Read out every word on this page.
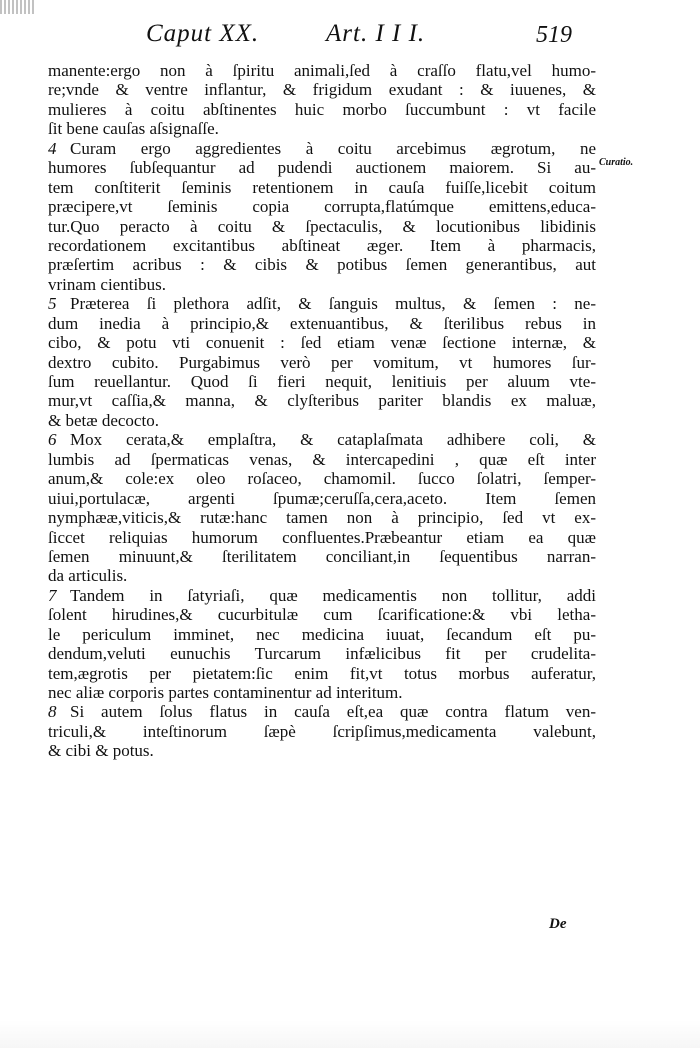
Caput XX.	Art. I I I.	519
Curatio.
manente:ergo non à ſpiritu animali,ſed à craſſo flatu,vel humo-
re;vnde & ventre inflantur, & frigidum exudant : & iuuenes, &
mulieres à coitu abſtinentes huic morbo ſuccumbunt : vt facile
ſit bene cauſas aſsignaſſe.
4 Curam ergo aggredientes à coitu arcebimus ægrotum, ne
humores ſubſequantur ad pudendi auctionem maiorem. Si au-
tem conſtiterit ſeminis retentionem in cauſa fuiſſe,licebit coitum
præcipere,vt ſeminis copia corrupta,flatúmque emittens,educa-
tur.Quo peracto à coitu & ſpectaculis, & locutionibus libidinis
recordationem excitantibus abſtineat æger. Item à pharmacis,
præſertim acribus : & cibis & potibus ſemen generantibus, aut
vrinam cientibus.
5 Præterea ſi plethora adſit, & ſanguis multus, & ſemen : ne-
dum inedia à principio,& extenuantibus, & ſterilibus rebus in
cibo, & potu vti conuenit : ſed etiam venæ ſectione internæ, &
dextro cubito. Purgabimus verò per vomitum, vt humores ſur-
ſum reuellantur. Quod ſi fieri nequit, lenitiuis per aluum vte-
mur,vt caſſia,& manna, & clyſteribus pariter blandis ex maluæ,
& betæ decocto.
6 Mox cerata,& emplaſtra, & cataplaſmata adhibere coli, &
lumbis ad ſpermaticas venas, & intercapedini , quæ eſt inter
anum,& cole:ex oleo roſaceo, chamomil. ſucco ſolatri, ſemper-
uiui,portulacæ, argenti ſpumæ;ceruſſa,cera,aceto. Item ſemen
nymphææ,viticis,& rutæ:hanc tamen non à principio, ſed vt ex-
ſiccet reliquias humorum confluentes.Præbeantur etiam ea quæ
ſemen minuunt,& ſterilitatem conciliant,in ſequentibus narran-
da articulis.
7 Tandem in ſatyriaſi, quæ medicamentis non tollitur, addi
ſolent hirudines,& cucurbitulæ cum ſcarificatione:& vbi letha-
le periculum imminet, nec medicina iuuat, ſecandum eſt pu-
dendum,veluti eunuchis Turcarum infælicibus fit per crudelita-
tem,ægrotis per pietatem:ſic enim fit,vt totus morbus auferatur,
nec aliæ corporis partes contaminentur ad interitum.
8 Si autem ſolus flatus in cauſa eſt,ea quæ contra flatum ven-
triculi,& inteſtinorum ſæpè ſcripſimus,medicamenta valebunt,
& cibi & potus.
De
